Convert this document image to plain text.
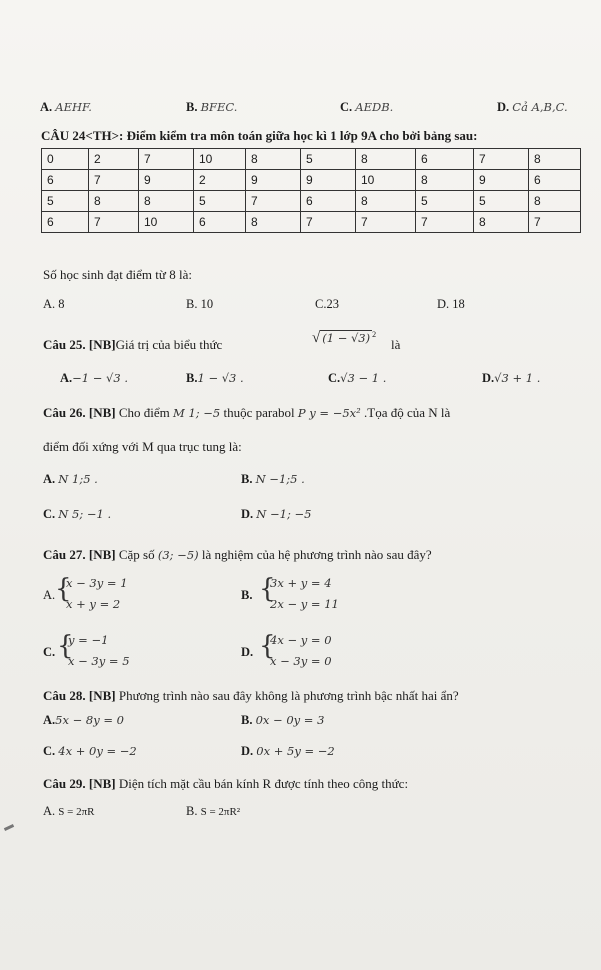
A. AEHF.	B. BFEC.	C. AEDB.	D. Cả A,B,C.
CÂU 24<TH>: Điểm kiểm tra môn toán giữa học kì 1 lớp 9A cho bởi bảng sau:
0	2	7	10	8	5	8	6	7	8
6	7	9	2	9	9	10	8	9	6
5	8	8	5	7	6	8	5	5	8
6	7	10	6	8	7	7	7	8	7
Số học sinh đạt điểm từ 8 là:
A. 8	B. 10	C.23	D. 18
Câu 25. [NB]Giá trị của biểu thức	√ (1 − √3) $^2$
là
A.−1 − √3 .	B.1 − √3 .	C.√3 − 1 .	D.√3 + 1 .
Câu 26. [NB] Cho điểm M 1; −5 thuộc parabol P y = −5x² .Tọa độ của N là
điểm đối xứng với M qua trục tung là:
A. N 1;5 .	B. N −1;5 .
C. N 5; −1 .	D. N −1; −5
Câu 27. [NB] Cặp số (3; −5) là nghiệm của hệ phương trình nào sau đây?
A. {
x − 3y = 1
x + y = 2
B. {
3x + y = 4
2x − y = 11
C. {
y = −1
x − 3y = 5
D. {
4x − y = 0
x − 3y = 0
Câu 28. [NB] Phương trình nào sau đây không là phương trình bậc nhất hai ẩn?
A.5x − 8y = 0	B. 0x − 0y = 3
C. 4x + 0y = −2	D. 0x + 5y = −2
Câu 29. [NB] Diện tích mặt cầu bán kính R được tính theo công thức:
A. S = 2πR	B. S = 2πR²
